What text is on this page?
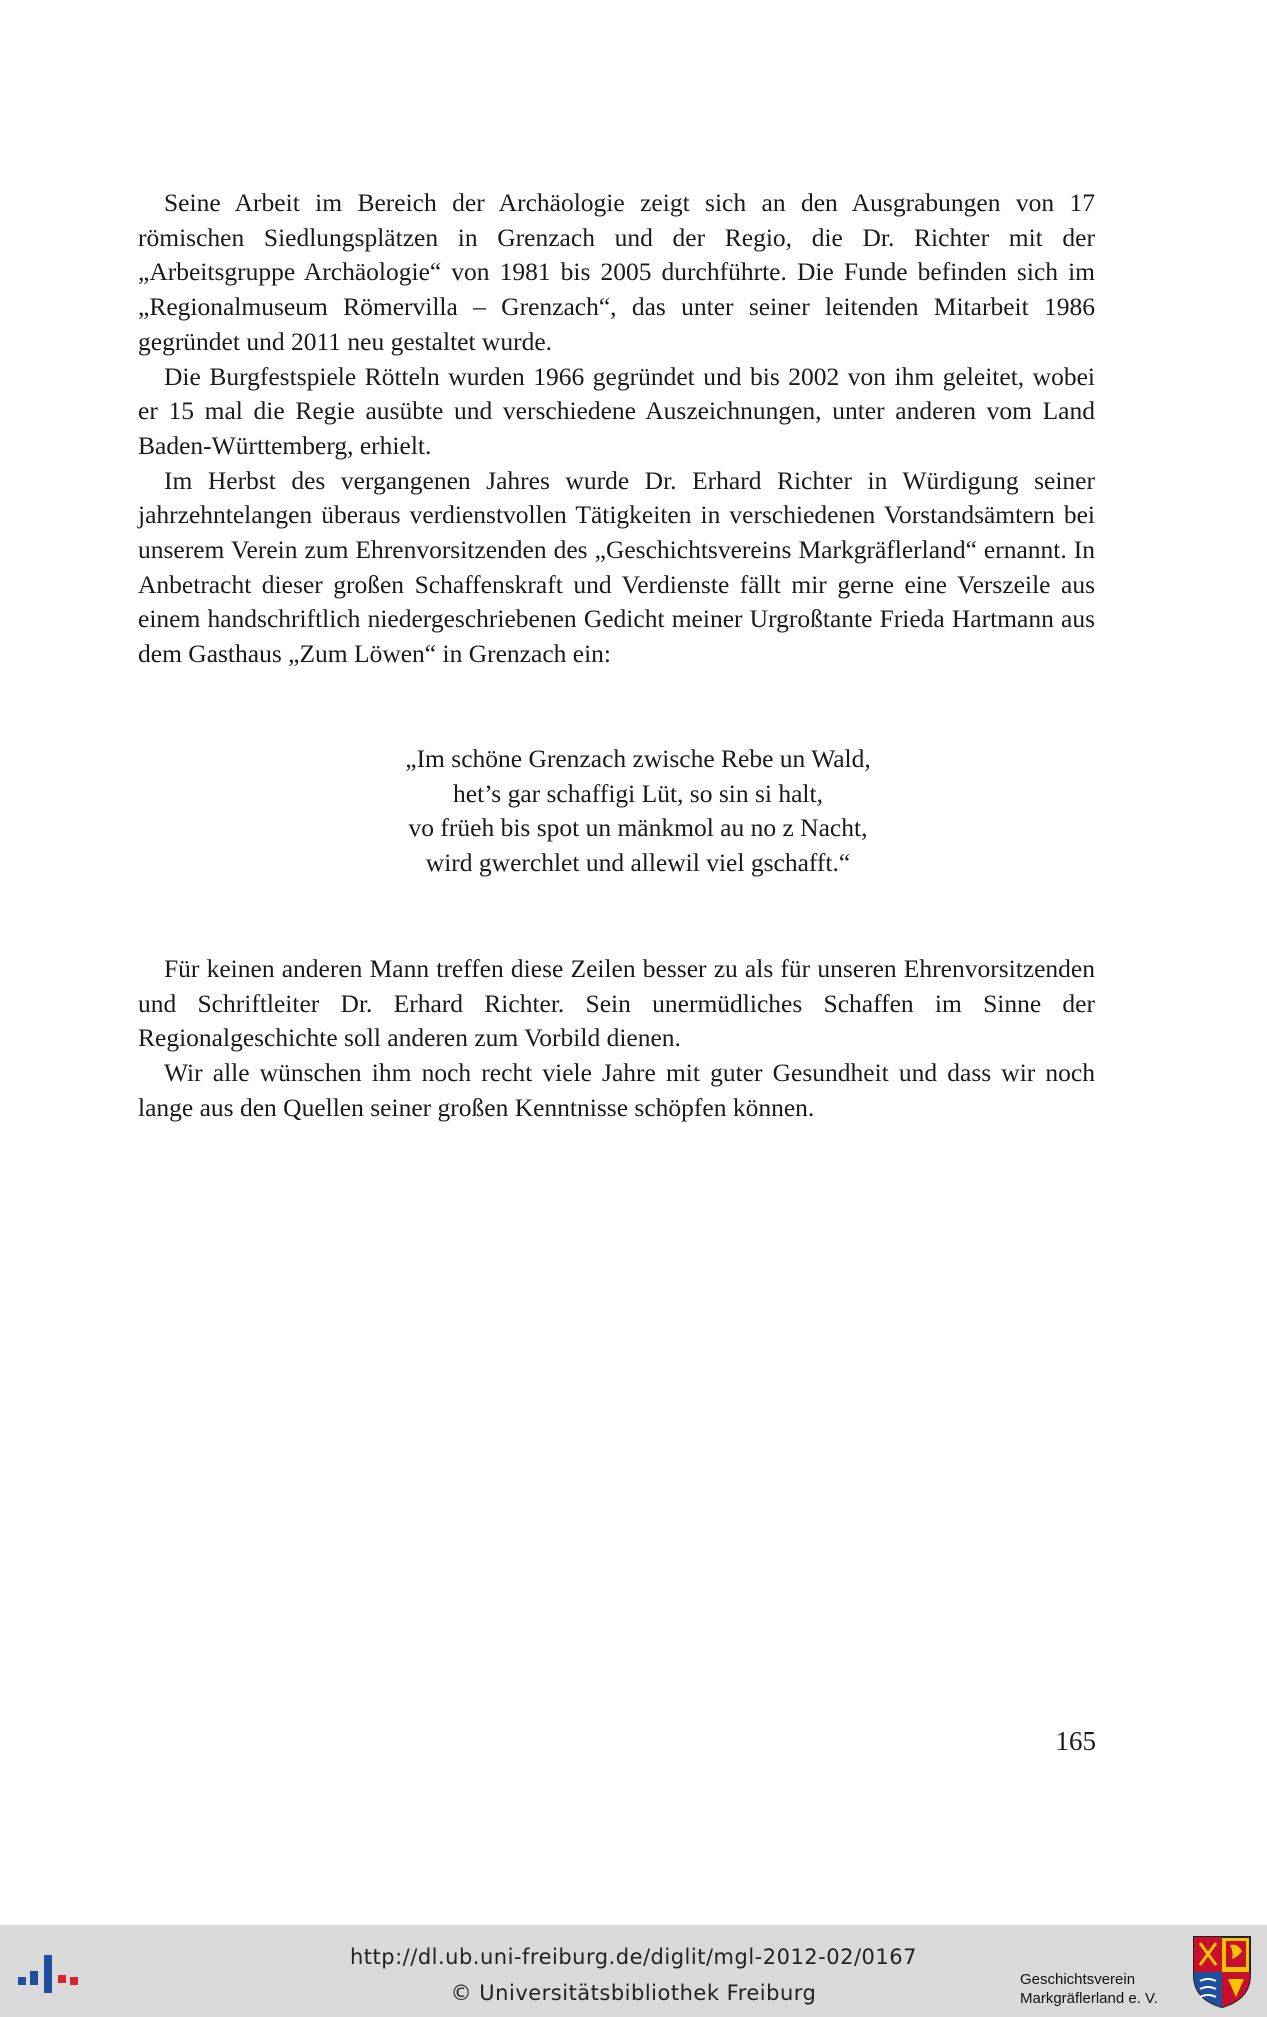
Seine Arbeit im Bereich der Archäologie zeigt sich an den Ausgrabungen von 17 römischen Siedlungsplätzen in Grenzach und der Regio, die Dr. Richter mit der „Arbeitsgruppe Archäologie“ von 1981 bis 2005 durchführte. Die Funde befinden sich im „Regionalmuseum Römervilla – Grenzach“, das unter seiner leitenden Mitarbeit 1986 gegründet und 2011 neu gestaltet wurde.

Die Burgfestspiele Rötteln wurden 1966 gegründet und bis 2002 von ihm geleitet, wobei er 15 mal die Regie ausübte und verschiedene Auszeichnungen, unter anderen vom Land Baden-Württemberg, erhielt.

Im Herbst des vergangenen Jahres wurde Dr. Erhard Richter in Würdigung seiner jahrzehntelangen überaus verdienstvollen Tätigkeiten in verschiedenen Vorstandsämtern bei unserem Verein zum Ehrenvorsitzenden des „Geschichtsvereins Markgräflerland“ ernannt. In Anbetracht dieser großen Schaffenskraft und Verdienste fällt mir gerne eine Verszeile aus einem handschriftlich niedergeschriebenen Gedicht meiner Urgroßtante Frieda Hartmann aus dem Gasthaus „Zum Löwen“ in Grenzach ein:

„Im schöne Grenzach zwische Rebe un Wald,
het’s gar schaffigi Lüt, so sin si halt,
vo früeh bis spot un mänkmol au no z Nacht,
wird gwerchlet und allewil viel gschafft.“

Für keinen anderen Mann treffen diese Zeilen besser zu als für unseren Ehrenvorsitzenden und Schriftleiter Dr. Erhard Richter. Sein unermüdliches Schaffen im Sinne der Regionalgeschichte soll anderen zum Vorbild dienen.

Wir alle wünschen ihm noch recht viele Jahre mit guter Gesundheit und dass wir noch lange aus den Quellen seiner großen Kenntnisse schöpfen können.

165
http://dl.ub.uni-freiburg.de/diglit/mgl-2012-02/0167
© Universitätsbibliothek Freiburg
Geschichtsverein
Markgräflerland e. V.
